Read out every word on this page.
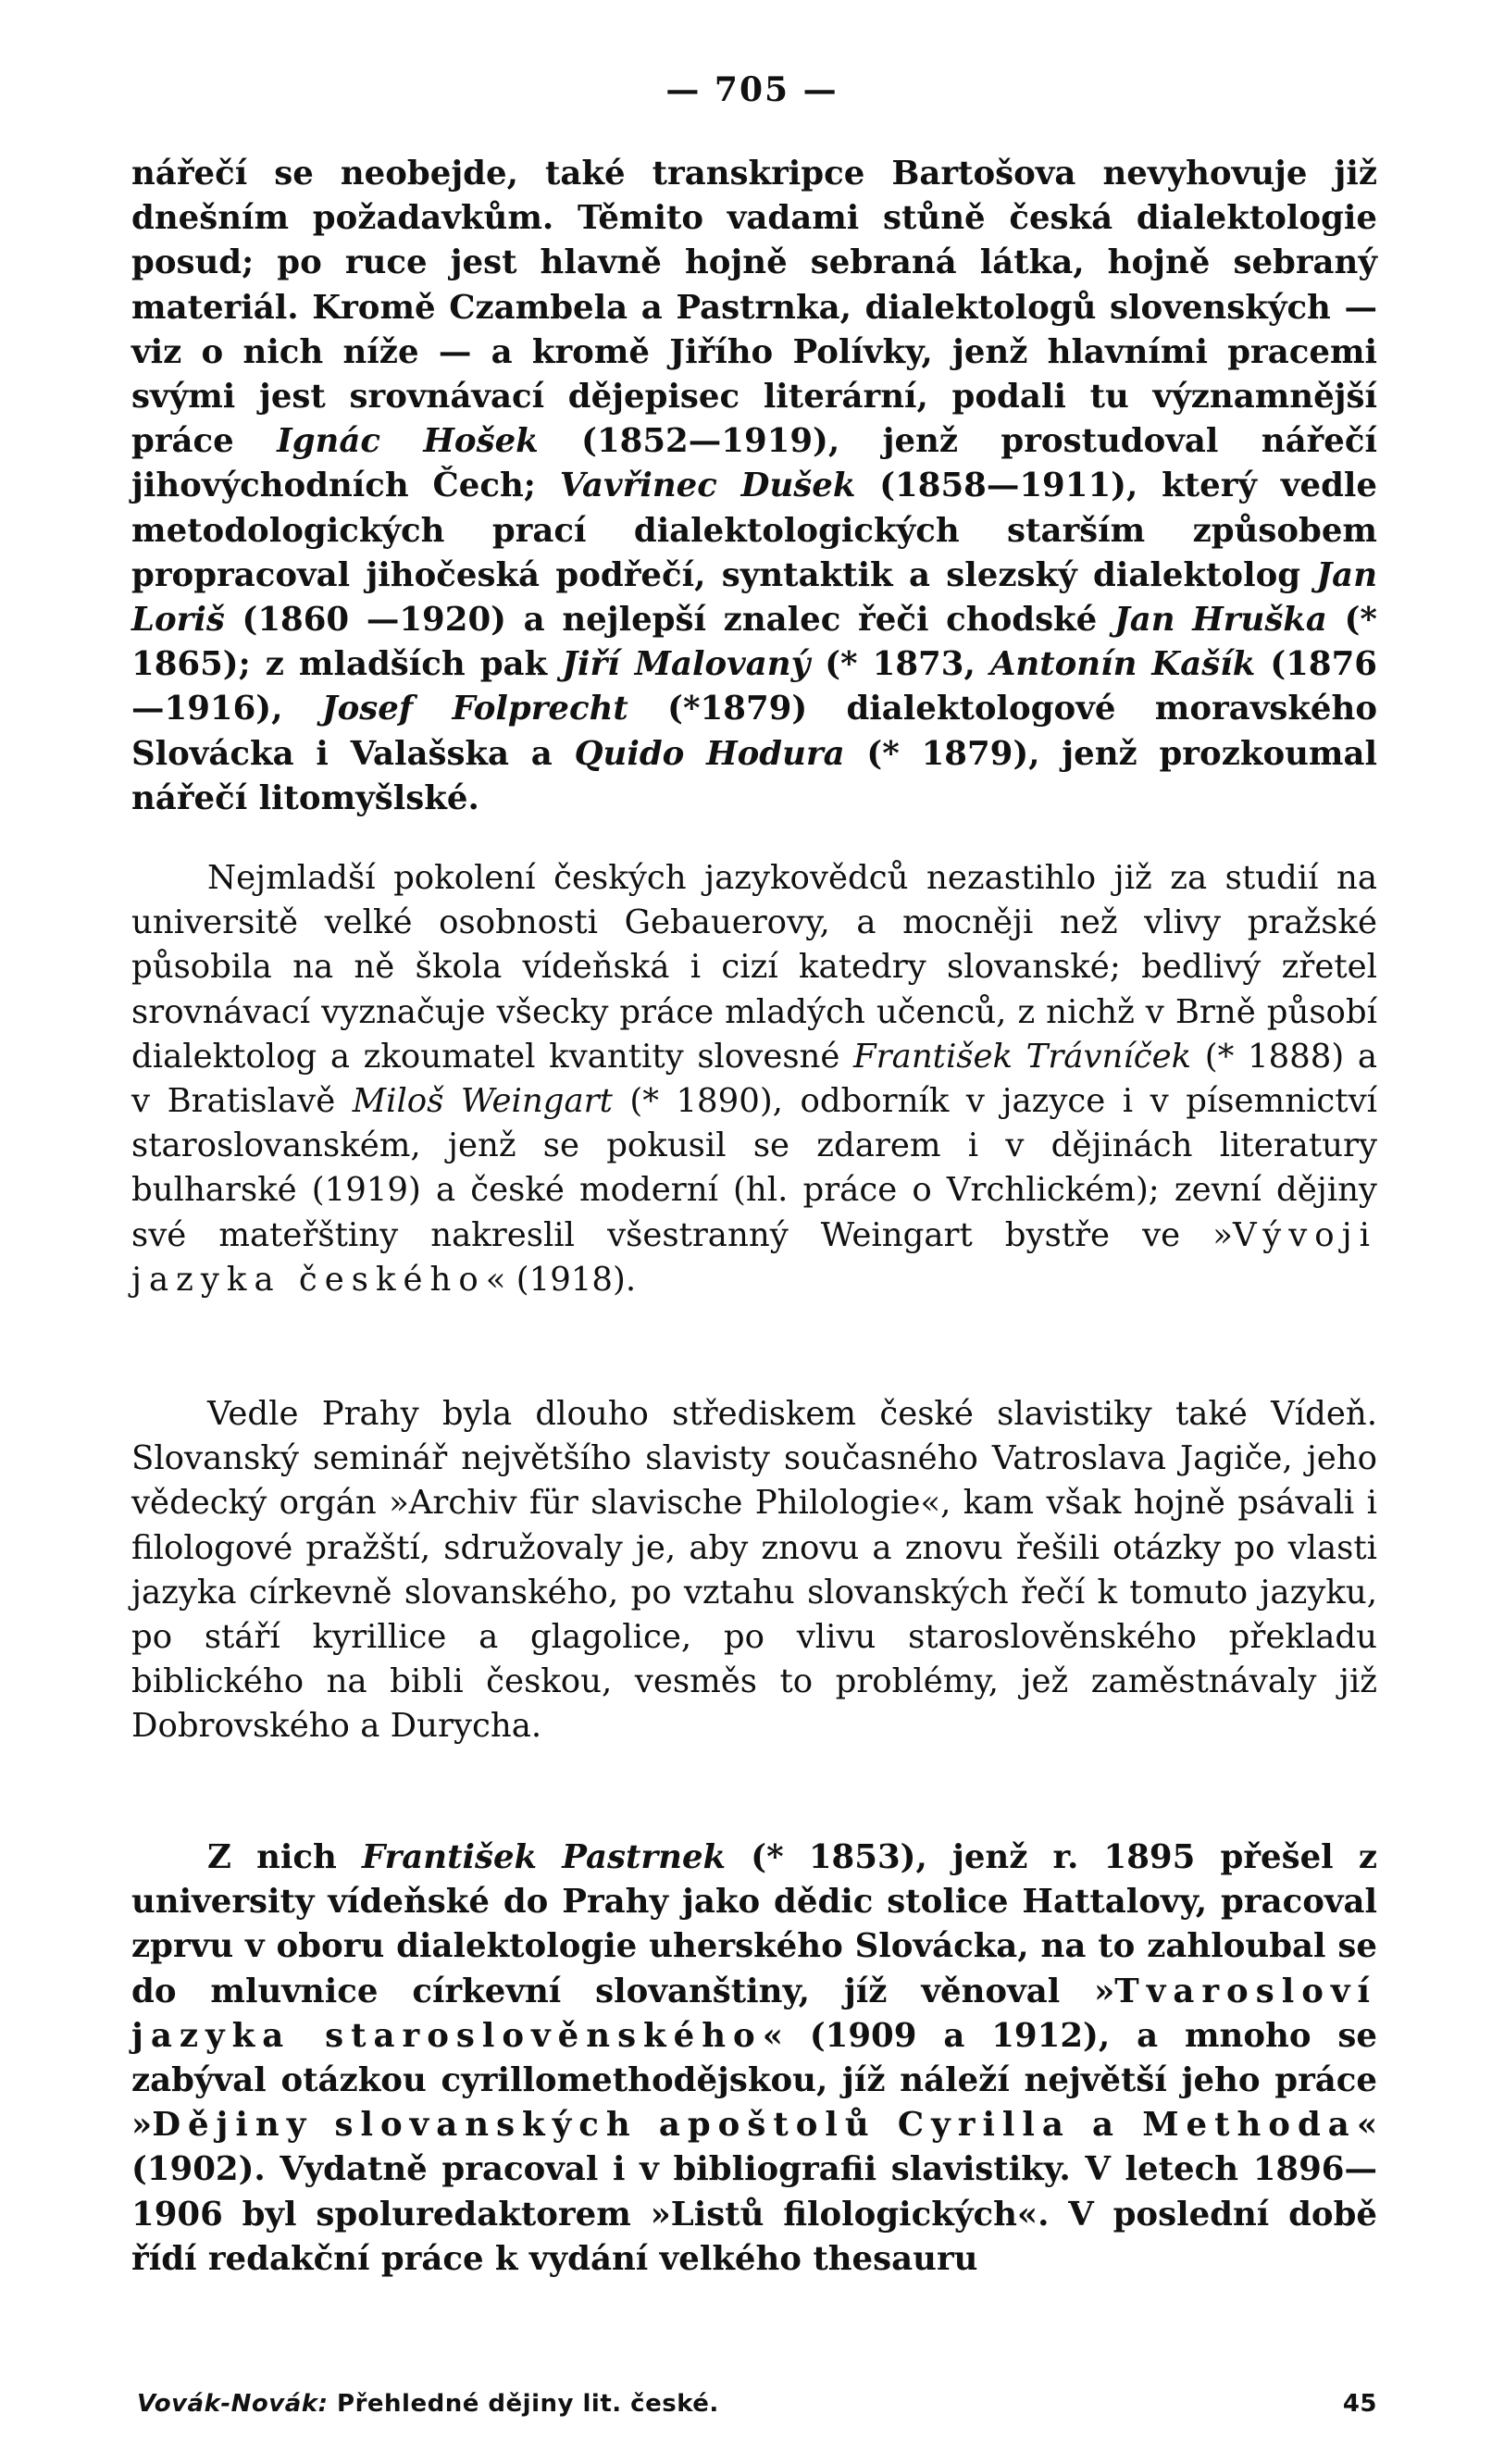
— 705 —

nářečí se neobejde, také transkripce Bartošova nevyhovuje již dnešním požadavkům. Těmito vadami stůně česká dialektologie posud; po ruce jest hlavně hojně sebraná látka, hojně sebraný materiál. Kromě Czambela a Pastrnka, dialektologů slovenských — viz o nich níže — a kromě Jiřího Polívky, jenž hlavními pracemi svými jest srovnávací dějepisec literární, podali tu významnější práce Ignác Hošek (1852—1919), jenž prostudoval nářečí jihovýchodních Čech; Vavřinec Dušek (1858—1911), který vedle metodologických prací dialektologických starším způsobem propracoval jihočeská podřečí, syntaktik a slezský dialektolog Jan Loriš (1860 —1920) a nejlepší znalec řeči chodské Jan Hruška (* 1865); z mladších pak Jiří Malovaný (* 1873, Antonín Kašík (1876 —1916), Josef Folprecht (*1879) dialektologové moravského Slovácka i Valašska a Quido Hodura (* 1879), jenž prozkoumal nářečí litomyšlské.

Nejmladší pokolení českých jazykovědců nezastihlo již za studií na universitě velké osobnosti Gebauerovy, a mocněji než vlivy pražské působila na ně škola vídeňská i cizí katedry slovanské; bedlivý zřetel srovnávací vyznačuje všecky práce mladých učenců, z nichž v Brně působí dialektolog a zkoumatel kvantity slovesné František Trávníček (* 1888) a v Bratislavě Miloš Weingart (* 1890), odborník v jazyce i v písemnictví staroslovanském, jenž se pokusil se zdarem i v dějinách literatury bulharské (1919) a české moderní (hl. práce o Vrchlickém); zevní dějiny své mateřštiny nakreslil všestranný Weingart bystře ve »Vývoji jazyka českého« (1918).

Vedle Prahy byla dlouho střediskem české slavistiky také Vídeň. Slovanský seminář největšího slavisty současného Vatroslava Jagiče, jeho vědecký orgán »Archiv für slavische Philologie«, kam však hojně psávali i filologové pražští, sdružovaly je, aby znovu a znovu řešili otázky po vlasti jazyka církevně slovanského, po vztahu slovanských řečí k tomuto jazyku, po stáří kyrillice a glagolice, po vlivu staroslověnského překladu biblického na bibli českou, vesměs to problémy, jež zaměstnávaly již Dobrovského a Durycha.

Z nich František Pastrnek (* 1853), jenž r. 1895 přešel z university vídeňské do Prahy jako dědic stolice Hattalovy, pracoval zprvu v oboru dialektologie uherského Slovácka, na to zahloubal se do mluvnice církevní slovanštiny, jíž věnoval »Tvarosloví jazyka staroslověnského« (1909 a 1912), a mnoho se zabýval otázkou cyrillomethodějskou, jíž náleží největší jeho práce »Dějiny slovanských apoštolů Cyrilla a Methoda« (1902). Vydatně pracoval i v bibliografii slavistiky. V letech 1896—1906 byl spoluredaktorem »Listů filologických«. V poslední době řídí redakční práce k vydání velkého thesauru

Vovák-Novák: Přehledné dějiny lit. české.	45
